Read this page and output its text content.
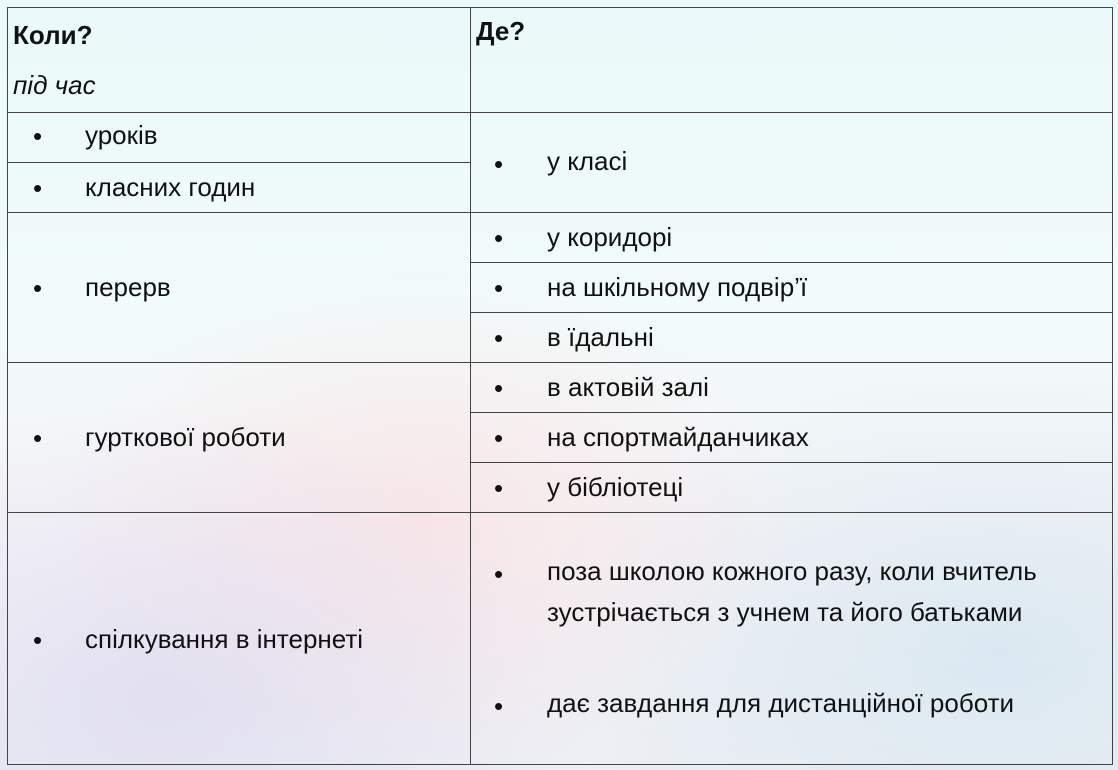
Коли?
під час
Де?
• уроків
• класних годин
• перерв
• гурткової роботи
• спілкування в інтернеті
• у класі
• у коридорі
• на шкільному подвір’ї
• в їдальні
• в актовій залі
• на спортмайданчиках
• у бібліотеці
• поза школою кожного разу, коли вчитель зустрічається з учнем та його батьками
• дає завдання для дистанційної роботи
